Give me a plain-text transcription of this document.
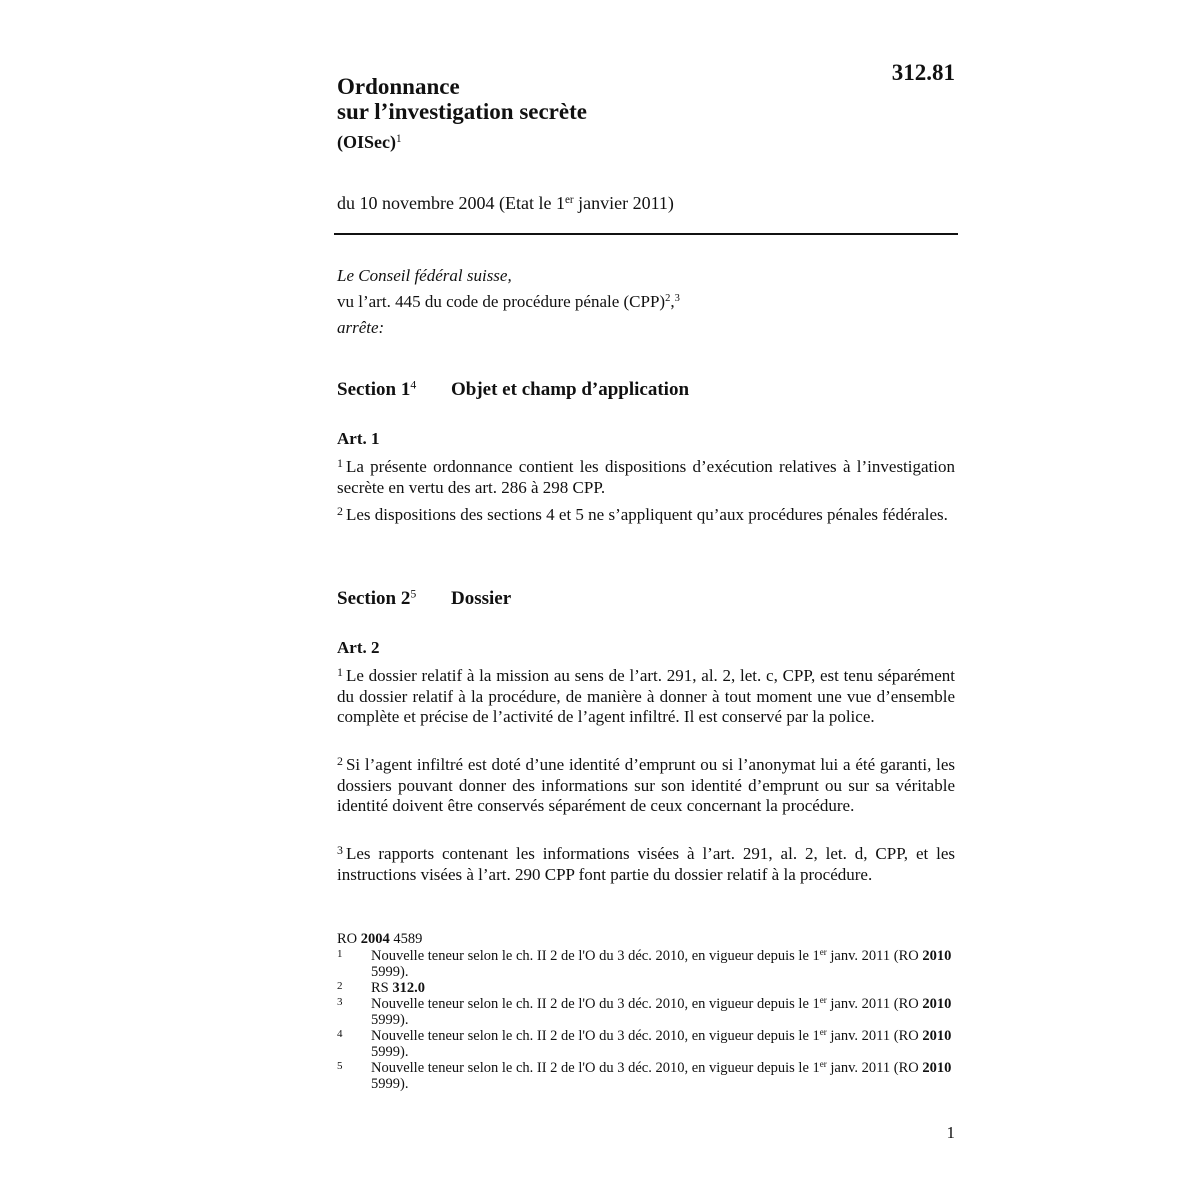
312.81
Ordonnance
sur l’investigation secrète
(OISec)$^1$
du 10 novembre 2004 (Etat le 1er janvier 2011)
Le Conseil fédéral suisse,
vu l’art. 445 du code de procédure pénale (CPP)$^2$,$^3$
arrête:
Section $1^4$ Objet et champ d’application
Art. 1
$^1$ La présente ordonnance contient les dispositions d’exécution relatives à l’investigation secrète en vertu des art. 286 à 298 CPP.
$^2$ Les dispositions des sections 4 et 5 ne s’appliquent qu’aux procédures pénales fédérales.
Section $2^5$ Dossier
Art. 2
$^1$ Le dossier relatif à la mission au sens de l’art. 291, al. 2, let. c, CPP, est tenu séparément du dossier relatif à la procédure, de manière à donner à tout moment une vue d’ensemble complète et précise de l’activité de l’agent infiltré. Il est conservé par la police.
$^2$ Si l’agent infiltré est doté d’une identité d’emprunt ou si l’anonymat lui a été garanti, les dossiers pouvant donner des informations sur son identité d’emprunt ou sur sa véritable identité doivent être conservés séparément de ceux concernant la procédure.
$^3$ Les rapports contenant les informations visées à l’art. 291, al. 2, let. d, CPP, et les instructions visées à l’art. 290 CPP font partie du dossier relatif à la procédure.
RO 2004 4589
1	Nouvelle teneur selon le ch. II 2 de l'O du 3 déc. 2010, en vigueur depuis le 1er janv. 2011 (RO 2010 5999).
2	RS 312.0
3	Nouvelle teneur selon le ch. II 2 de l'O du 3 déc. 2010, en vigueur depuis le 1er janv. 2011 (RO 2010 5999).
4	Nouvelle teneur selon le ch. II 2 de l'O du 3 déc. 2010, en vigueur depuis le 1er janv. 2011 (RO 2010 5999).
5	Nouvelle teneur selon le ch. II 2 de l'O du 3 déc. 2010, en vigueur depuis le 1er janv. 2011 (RO 2010 5999).
1
